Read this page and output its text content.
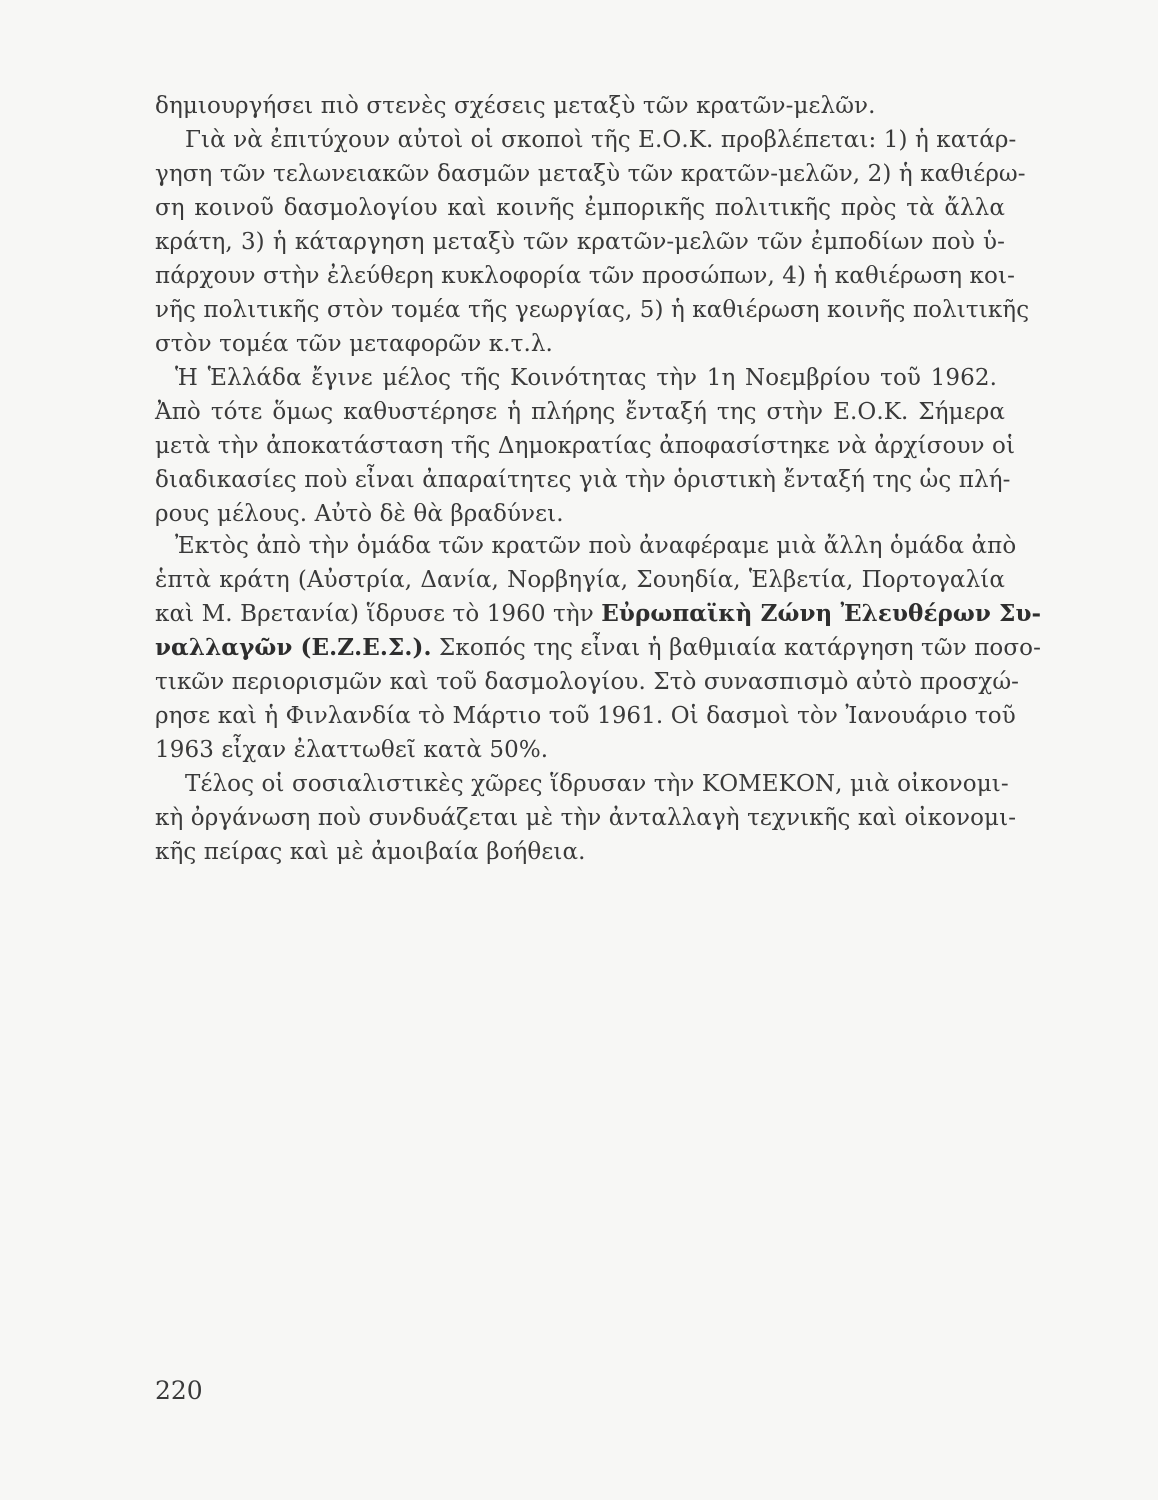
δημιουργήσει πιὸ στενὲς σχέσεις μεταξὺ τῶν κρατῶν-μελῶν.
Γιὰ νὰ ἐπιτύχουν αὐτοὶ οἱ σκοποὶ τῆς Ε.Ο.Κ. προβλέπεται: 1) ἡ κατάρ-
γηση τῶν τελωνειακῶν δασμῶν μεταξὺ τῶν κρατῶν-μελῶν, 2) ἡ καθιέρω-
ση κοινοῦ δασμολογίου καὶ κοινῆς ἐμπορικῆς πολιτικῆς πρὸς τὰ ἄλλα
κράτη, 3) ἡ κάταργηση μεταξὺ τῶν κρατῶν-μελῶν τῶν ἐμποδίων ποὺ ὑ-
πάρχουν στὴν ἐλεύθερη κυκλοφορία τῶν προσώπων, 4) ἡ καθιέρωση κοι-
νῆς πολιτικῆς στὸν τομέα τῆς γεωργίας, 5) ἡ καθιέρωση κοινῆς πολιτικῆς
στὸν τομέα τῶν μεταφορῶν κ.τ.λ.
Ἡ Ἑλλάδα ἔγινε μέλος τῆς Κοινότητας τὴν 1η Νοεμβρίου τοῦ 1962.
Ἀπὸ τότε ὅμως καθυστέρησε ἡ πλήρης ἔνταξή της στὴν Ε.Ο.Κ. Σήμερα
μετὰ τὴν ἀποκατάσταση τῆς Δημοκρατίας ἀποφασίστηκε νὰ ἀρχίσουν οἱ
διαδικασίες ποὺ εἶναι ἀπαραίτητες γιὰ τὴν ὁριστικὴ ἔνταξή της ὡς πλή-
ρους μέλους. Αὐτὸ δὲ θὰ βραδύνει.
Ἐκτὸς ἀπὸ τὴν ὁμάδα τῶν κρατῶν ποὺ ἀναφέραμε μιὰ ἄλλη ὁμάδα ἀπὸ
ἑπτὰ κράτη (Αὐστρία, Δανία, Νορβηγία, Σουηδία, Ἑλβετία, Πορτογαλία
καὶ Μ. Βρετανία) ἵδρυσε τὸ 1960 τὴν Εὐρωπαϊκὴ Ζώνη Ἐλευθέρων Συ-
ναλλαγῶν (Ε.Ζ.Ε.Σ.). Σκοπός της εἶναι ἡ βαθμιαία κατάργηση τῶν ποσο-
τικῶν περιορισμῶν καὶ τοῦ δασμολογίου. Στὸ συνασπισμὸ αὐτὸ προσχώ-
ρησε καὶ ἡ Φινλανδία τὸ Μάρτιο τοῦ 1961. Οἱ δασμοὶ τὸν Ἰανουάριο τοῦ
1963 εἶχαν ἐλαττωθεῖ κατὰ 50%.
Τέλος οἱ σοσιαλιστικὲς χῶρες ἵδρυσαν τὴν ΚΟΜΕΚΟΝ, μιὰ οἰκονομι-
κὴ ὀργάνωση ποὺ συνδυάζεται μὲ τὴν ἀνταλλαγὴ τεχνικῆς καὶ οἰκονομι-
κῆς πείρας καὶ μὲ ἀμοιβαία βοήθεια.
220
